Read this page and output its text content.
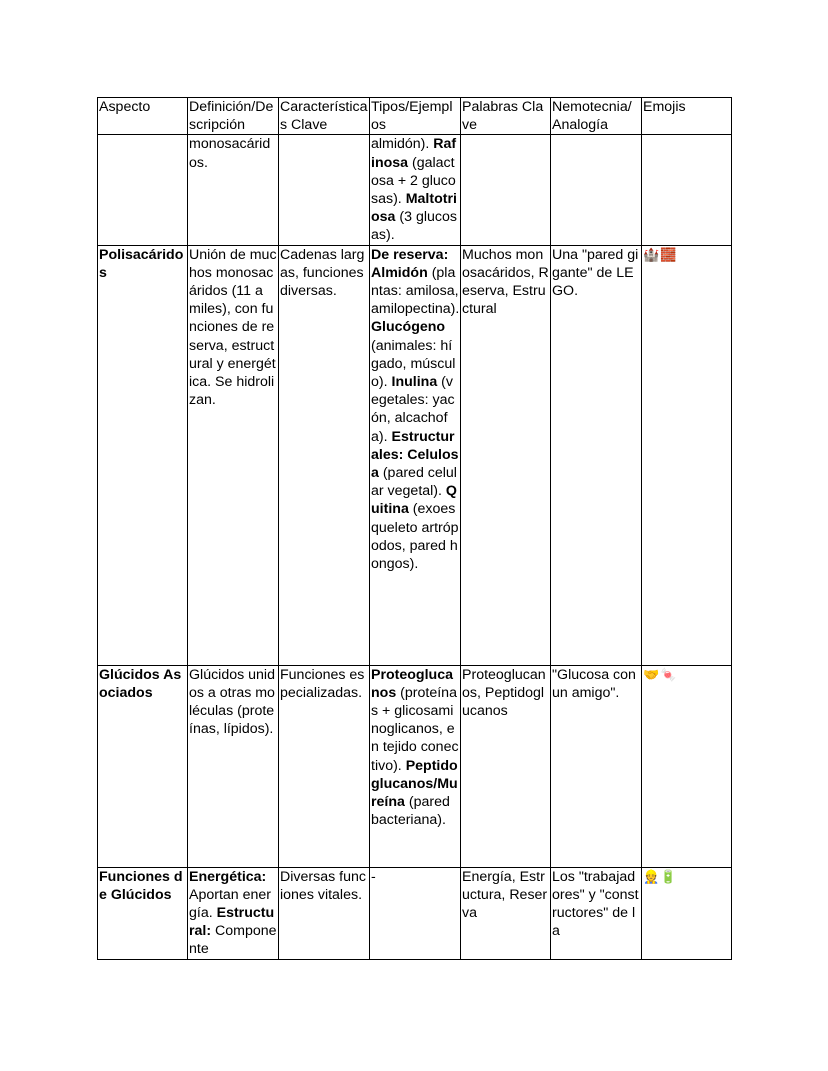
Aspecto	Definición/Descripción	Características Clave	Tipos/Ejemplos	Palabras Clave	Nemotecnia/Analogía	Emojis
	monosacáridos.		almidón). Rafinosa (galactosa + 2 glucosas). Maltotriosa (3 glucosas).			
Polisacáridos	Unión de muchos monosacáridos (11 a miles), con funciones de reserva, estructural y energética. Se hidrolizan.	Cadenas largas, funciones diversas.	De reserva: Almidón (plantas: amilosa, amilopectina). Glucógeno (animales: hígado, músculo). Inulina (vegetales: yacón, alcachofa). Estructurales: Celulosa (pared celular vegetal). Quitina (exoesqueleto artrópodos, pared hongos).	Muchos monosacáridos, Reserva, Estructural	Una "pared gigante" de LEGO.	🏰🧱
Glúcidos Asociados	Glúcidos unidos a otras moléculas (proteínas, lípidos).	Funciones especializadas.	Proteoglucanos (proteínas + glicosaminoglicanos, en tejido conectivo). Peptidoglucanos/Mureína (pared bacteriana).	Proteoglucanos, Peptidoglucanos	"Glucosa con un amigo".	🤝🍬
Funciones de Glúcidos	Energética: Aportan energía. Estructural: Componente	Diversas funciones vitales.	-	Energía, Estructura, Reserva	Los "trabajadores" y "constructores" de la	👷🔋
